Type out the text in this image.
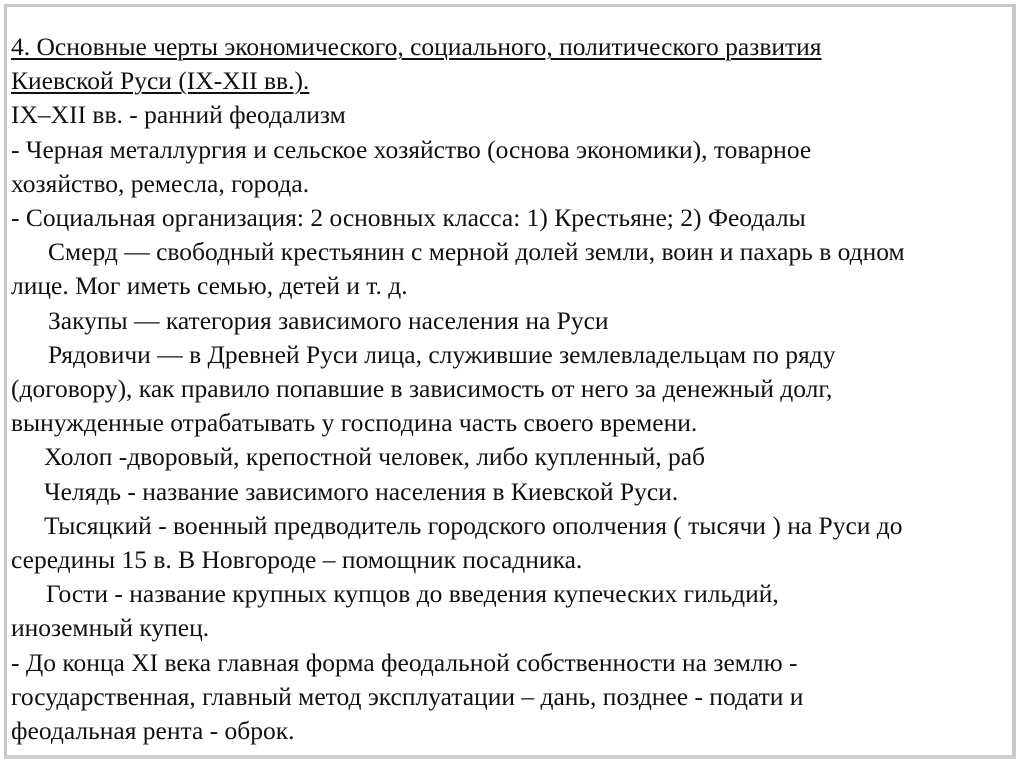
4. Основные черты экономического, социального, политического развития

Киевской Руси (IX-XII вв.).

IX–XII вв. - ранний феодализм

- Черная металлургия и сельское хозяйство (основа экономики), товарное

хозяйство, ремесла, города.

- Социальная организация: 2 основных класса: 1) Крестьяне; 2) Феодалы

Смерд — свободный крестьянин с мерной долей земли, воин и пахарь в одном

лице. Мог иметь семью, детей и т. д.

Закупы — категория зависимого населения на Руси

Рядовичи — в Древней Руси лица, служившие землевладельцам по ряду

(договору), как правило попавшие в зависимость от него за денежный долг,

вынужденные отрабатывать у господина часть своего времени.

Холоп -дворовый, крепостной человек, либо купленный, раб

Челядь - название зависимого населения в Киевской Руси.

Тысяцкий - военный предводитель городского ополчения ( тысячи ) на Руси до

середины 15 в. В Новгороде – помощник посадника.

Гости - название крупных купцов до введения купеческих гильдий,

иноземный купец.

- До конца XI века главная форма феодальной собственности на землю -

государственная, главный метод эксплуатации – дань, позднее - подати и

феодальная рента - оброк.
